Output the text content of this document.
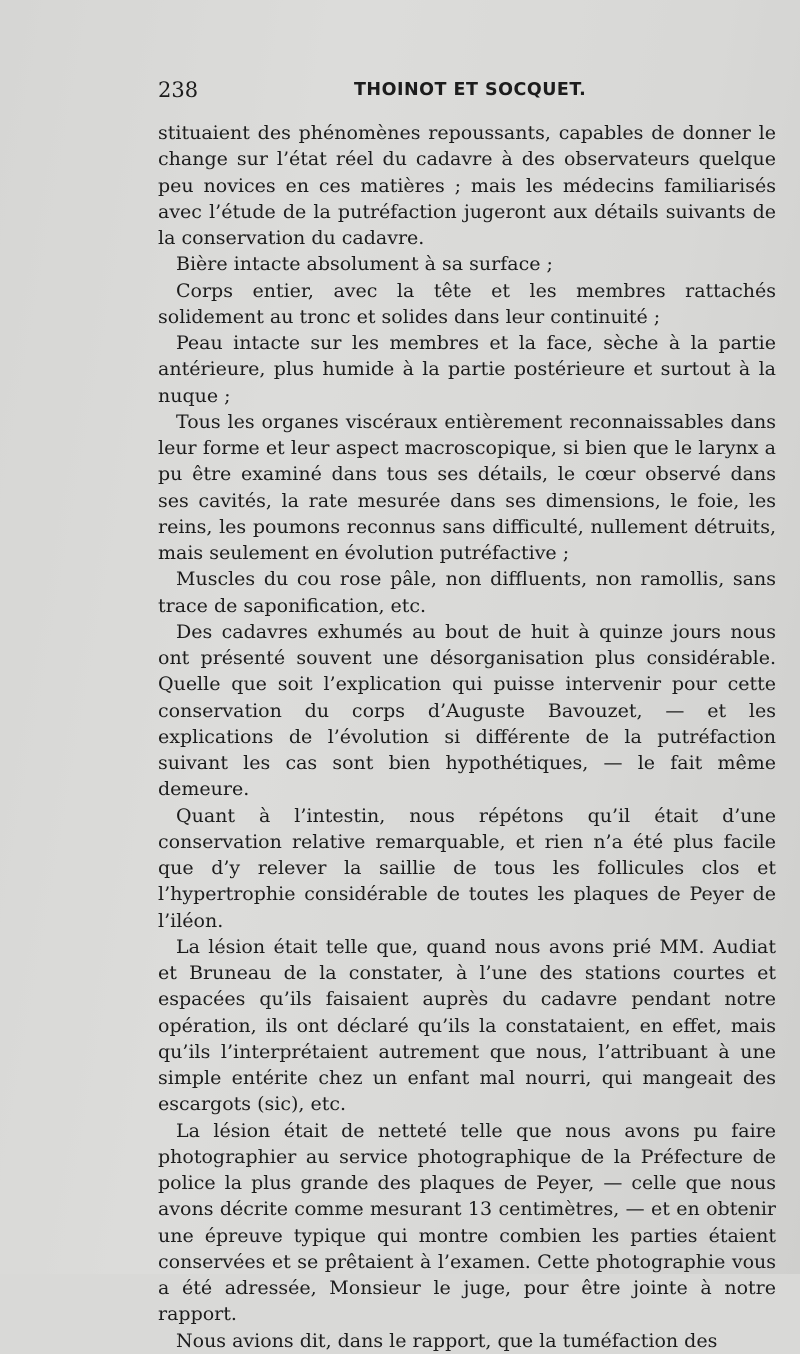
238	THOINOT ET SOCQUET.

stituaient des phénomènes repoussants, capables de donner le change sur l’état réel du cadavre à des observateurs quelque peu novices en ces matières ; mais les médecins familiarisés avec l’étude de la putréfaction jugeront aux détails suivants de la conservation du cadavre.

Bière intacte absolument à sa surface ;

Corps entier, avec la tête et les membres rattachés solidement au tronc et solides dans leur continuité ;

Peau intacte sur les membres et la face, sèche à la partie antérieure, plus humide à la partie postérieure et surtout à la nuque ;

Tous les organes viscéraux entièrement reconnaissables dans leur forme et leur aspect macroscopique, si bien que le larynx a pu être examiné dans tous ses détails, le cœur observé dans ses cavités, la rate mesurée dans ses dimensions, le foie, les reins, les poumons reconnus sans difficulté, nullement détruits, mais seulement en évolution putréfactive ;

Muscles du cou rose pâle, non diffluents, non ramollis, sans trace de saponification, etc.

Des cadavres exhumés au bout de huit à quinze jours nous ont présenté souvent une désorganisation plus considérable. Quelle que soit l’explication qui puisse intervenir pour cette conservation du corps d’Auguste Bavouzet, — et les explications de l’évolution si différente de la putréfaction suivant les cas sont bien hypothétiques, — le fait même demeure.

Quant à l’intestin, nous répétons qu’il était d’une conservation relative remarquable, et rien n’a été plus facile que d’y relever la saillie de tous les follicules clos et l’hypertrophie considérable de toutes les plaques de Peyer de l’iléon.

La lésion était telle que, quand nous avons prié MM. Audiat et Bruneau de la constater, à l’une des stations courtes et espacées qu’ils faisaient auprès du cadavre pendant notre opération, ils ont déclaré qu’ils la constataient, en effet, mais qu’ils l’interprétaient autrement que nous, l’attribuant à une simple entérite chez un enfant mal nourri, qui mangeait des escargots (sic), etc.

La lésion était de netteté telle que nous avons pu faire photographier au service photographique de la Préfecture de police la plus grande des plaques de Peyer, — celle que nous avons décrite comme mesurant 13 centimètres, — et en obtenir une épreuve typique qui montre combien les parties étaient conservées et se prêtaient à l’examen. Cette photographie vous a été adressée, Monsieur le juge, pour être jointe à notre rapport.

Nous avions dit, dans le rapport, que la tuméfaction des
